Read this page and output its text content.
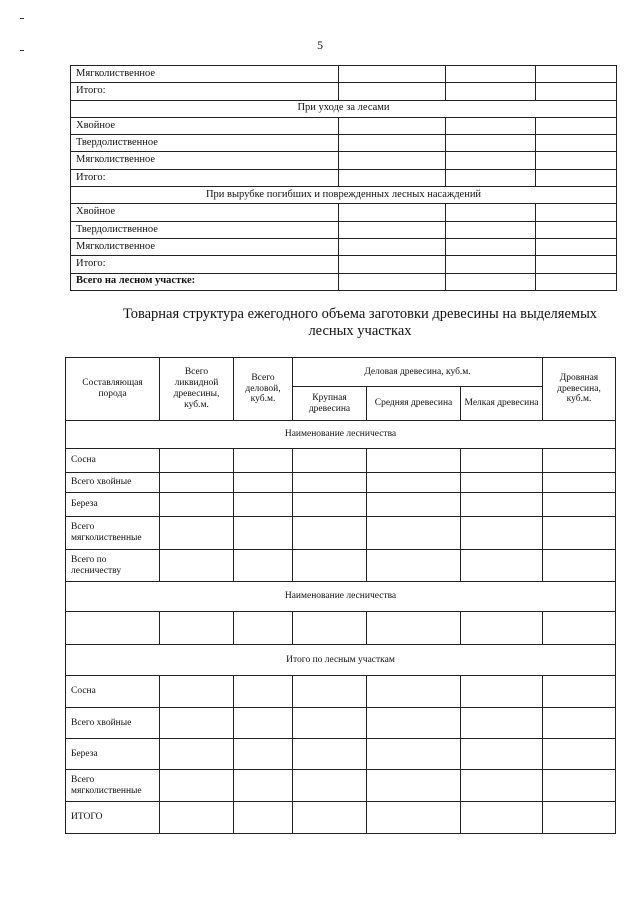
5
Мягколиственное			
Итого:			
При уходе за лесами			
Хвойное			
Твердолиственное			
Мягколиственное			
Итого:			
При вырубке погибших и поврежденных лесных насаждений			
Хвойное			
Твердолиственное			
Мягколиственное			
Итого:			
Всего на лесном участке:			
Товарная структура ежегодного объема заготовки древесины на выделяемых лесных участках
Составляющая порода	Всего ликвидной древесины, куб.м.	Всего деловой, куб.м.	Деловая древесина, куб.м.			Дровяная древесина, куб.м.
			Крупная древесина	Средняя древесина	Мелкая древесина	
Наименование лесничества						
Сосна						
Всего хвойные						
Береза						
Всего мягколиственные						
Всего по лесничеству						
Наименование лесничества						

Итого по лесным участкам						
Сосна						
Всего хвойные						
Береза						
Всего мягколиственные						
ИТОГО						
